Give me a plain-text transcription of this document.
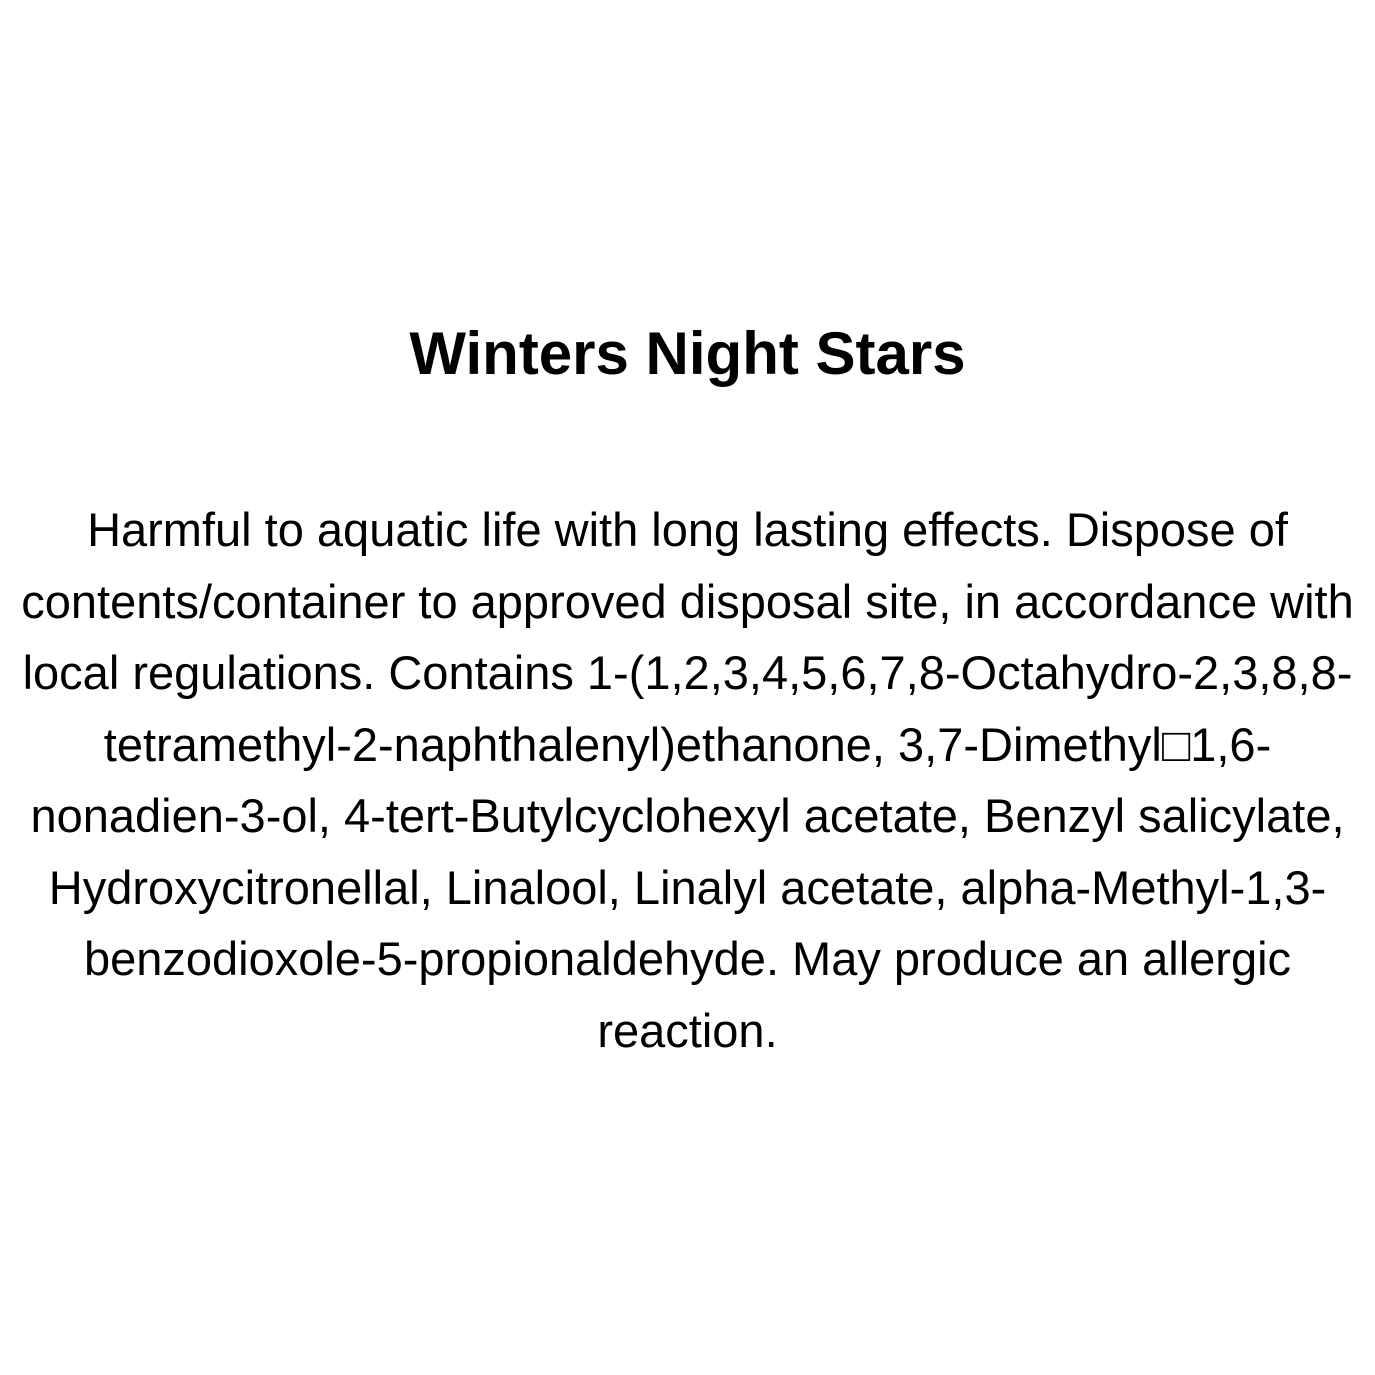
Winters Night Stars

Harmful to aquatic life with long lasting effects. Dispose of contents/container to approved disposal site, in accordance with local regulations. Contains 1-(1,2,3,4,5,6,7,8-Octahydro-2,3,8,8-tetramethyl-2-naphthalenyl)ethanone, 3,7-Dimethyl□1,6-nonadien-3-ol, 4-tert-Butylcyclohexyl acetate, Benzyl salicylate, Hydroxycitronellal, Linalool, Linalyl acetate, alpha-Methyl-1,3- benzodioxole-5-propionaldehyde. May produce an allergic reaction.
